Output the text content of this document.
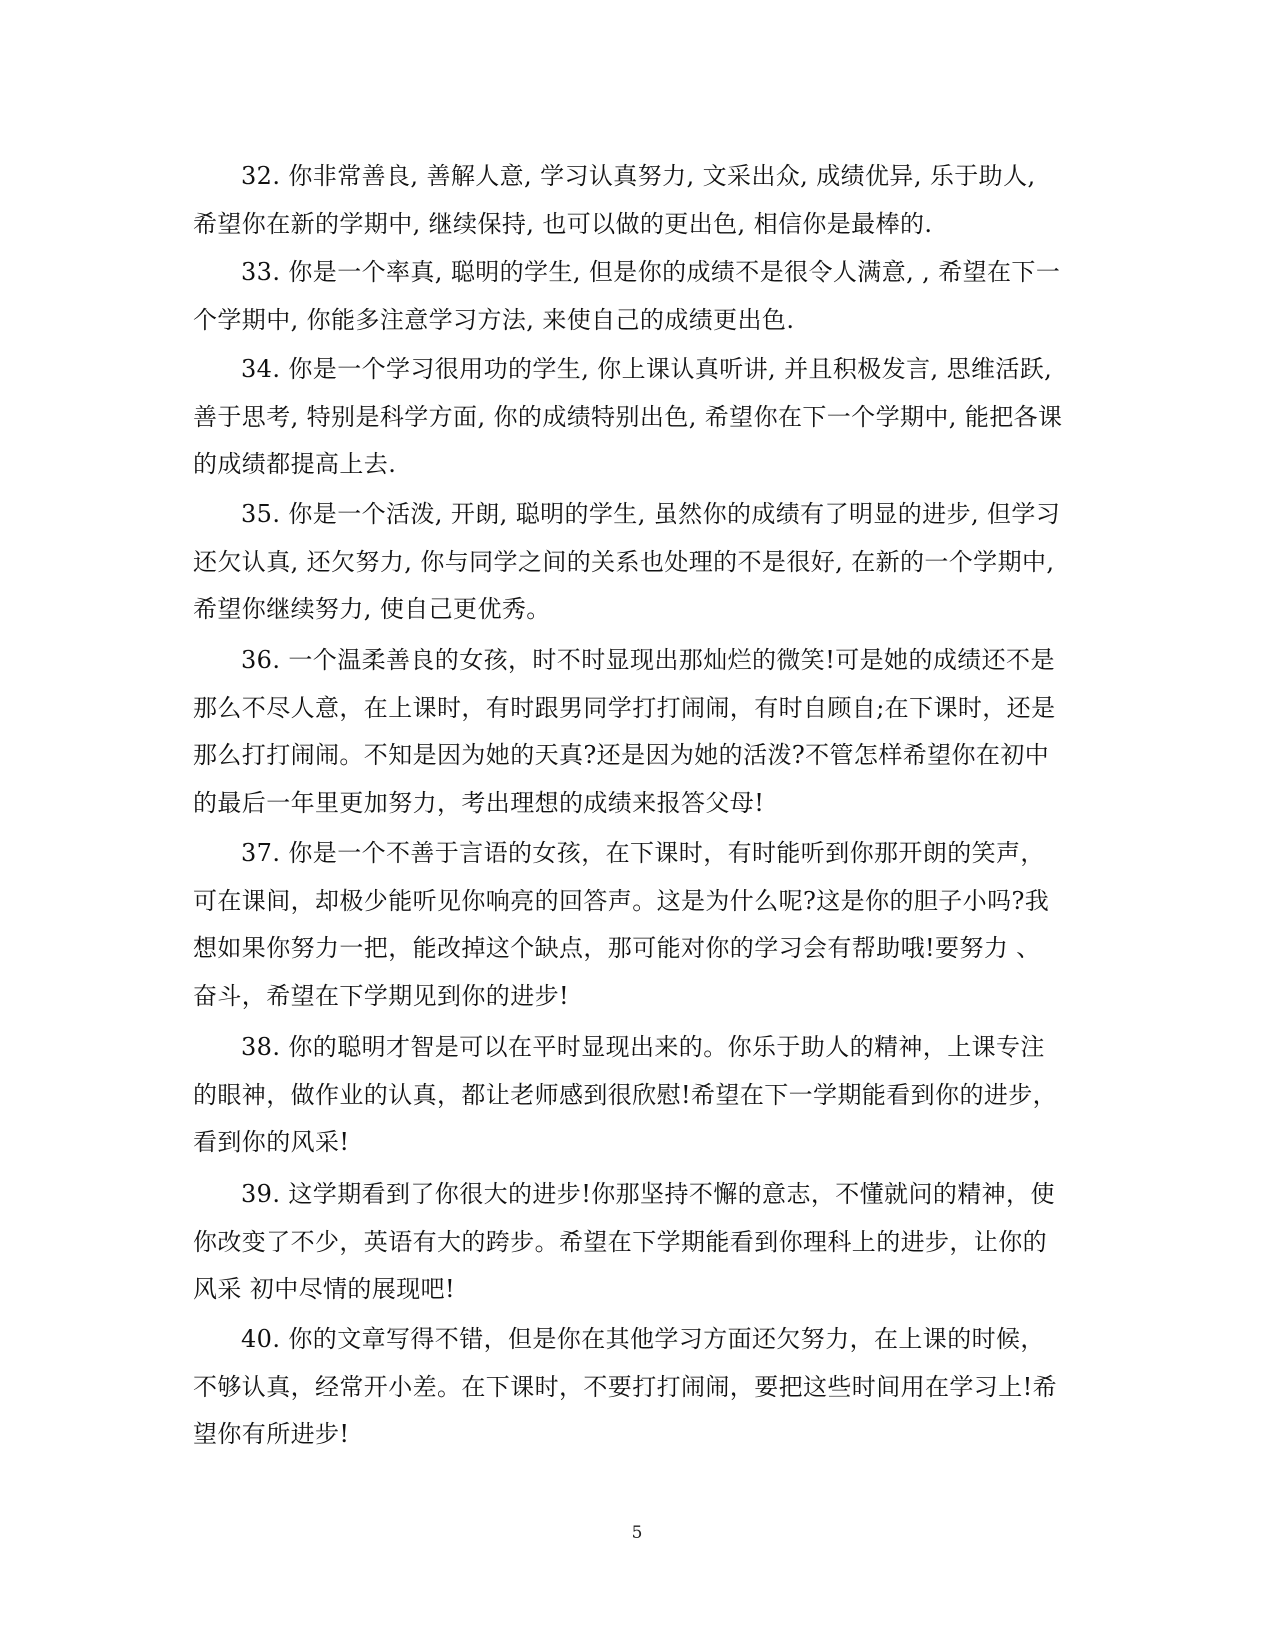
32. 你非常善良, 善解人意, 学习认真努力, 文采出众, 成绩优异, 乐于助人, 希望你在新的学期中, 继续保持, 也可以做的更出色, 相信你是最棒的.

33. 你是一个率真, 聪明的学生, 但是你的成绩不是很令人满意, , 希望在下一个学期中, 你能多注意学习方法, 来使自己的成绩更出色.

34. 你是一个学习很用功的学生, 你上课认真听讲, 并且积极发言, 思维活跃, 善于思考, 特别是科学方面, 你的成绩特别出色, 希望你在下一个学期中, 能把各课的成绩都提高上去.

35. 你是一个活泼, 开朗, 聪明的学生, 虽然你的成绩有了明显的进步, 但学习还欠认真, 还欠努力, 你与同学之间的关系也处理的不是很好, 在新的一个学期中, 希望你继续努力, 使自己更优秀。

36. 一个温柔善良的女孩，时不时显现出那灿烂的微笑!可是她的成绩还不是那么不尽人意，在上课时，有时跟男同学打打闹闹，有时自顾自;在下课时，还是那么打打闹闹。不知是因为她的天真?还是因为她的活泼?不管怎样希望你在初中的最后一年里更加努力，考出理想的成绩来报答父母!

37. 你是一个不善于言语的女孩，在下课时，有时能听到你那开朗的笑声，可在课间，却极少能听见你响亮的回答声。这是为什么呢?这是你的胆子小吗?我想如果你努力一把，能改掉这个缺点，那可能对你的学习会有帮助哦!要努力 、奋斗，希望在下学期见到你的进步!

38. 你的聪明才智是可以在平时显现出来的。你乐于助人的精神，上课专注的眼神，做作业的认真，都让老师感到很欣慰!希望在下一学期能看到你的进步，看到你的风采!

39. 这学期看到了你很大的进步!你那坚持不懈的意志，不懂就问的精神，使你改变了不少，英语有大的跨步。希望在下学期能看到你理科上的进步，让你的风采 初中尽情的展现吧!

40. 你的文章写得不错，但是你在其他学习方面还欠努力，在上课的时候，不够认真，经常开小差。在下课时，不要打打闹闹，要把这些时间用在学习上!希望你有所进步!

5
